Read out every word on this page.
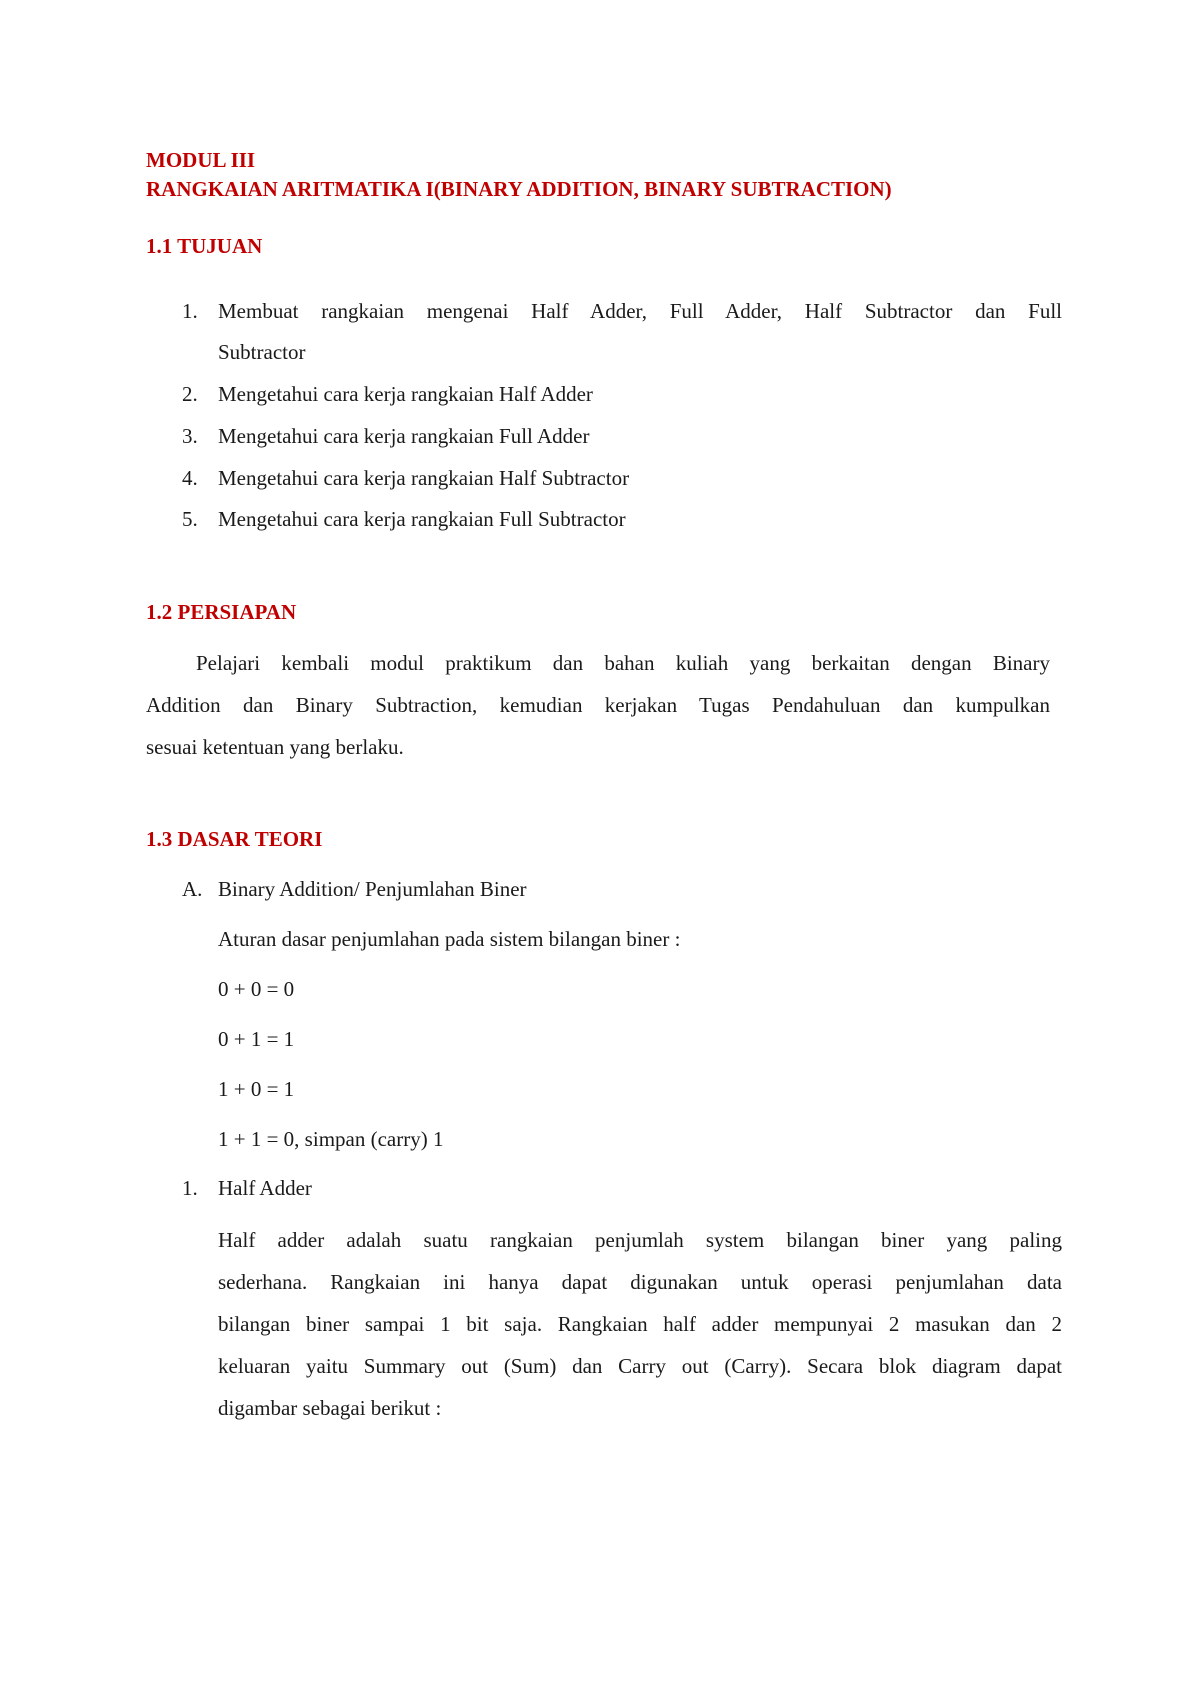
MODUL III
RANGKAIAN ARITMATIKA I(BINARY ADDITION, BINARY SUBTRACTION)
1.1 TUJUAN
1. Membuat rangkaian mengenai Half Adder, Full Adder, Half Subtractor dan Full
Subtractor
2. Mengetahui cara kerja rangkaian Half Adder
3. Mengetahui cara kerja rangkaian Full Adder
4. Mengetahui cara kerja rangkaian Half Subtractor
5. Mengetahui cara kerja rangkaian Full Subtractor
1.2 PERSIAPAN
Pelajari kembali modul praktikum dan bahan kuliah yang berkaitan dengan Binary
Addition dan Binary Subtraction, kemudian kerjakan Tugas Pendahuluan dan kumpulkan
sesuai ketentuan yang berlaku.
1.3 DASAR TEORI
A. Binary Addition/ Penjumlahan Biner
Aturan dasar penjumlahan pada sistem bilangan biner :
0 + 0 = 0
0 + 1 = 1
1 + 0 = 1
1 + 1 = 0, simpan (carry) 1
1. Half Adder
Half adder adalah suatu rangkaian penjumlah system bilangan biner yang paling
sederhana. Rangkaian ini hanya dapat digunakan untuk operasi penjumlahan data
bilangan biner sampai 1 bit saja. Rangkaian half adder mempunyai 2 masukan dan 2
keluaran yaitu Summary out (Sum) dan Carry out (Carry). Secara blok diagram dapat
digambar sebagai berikut :
